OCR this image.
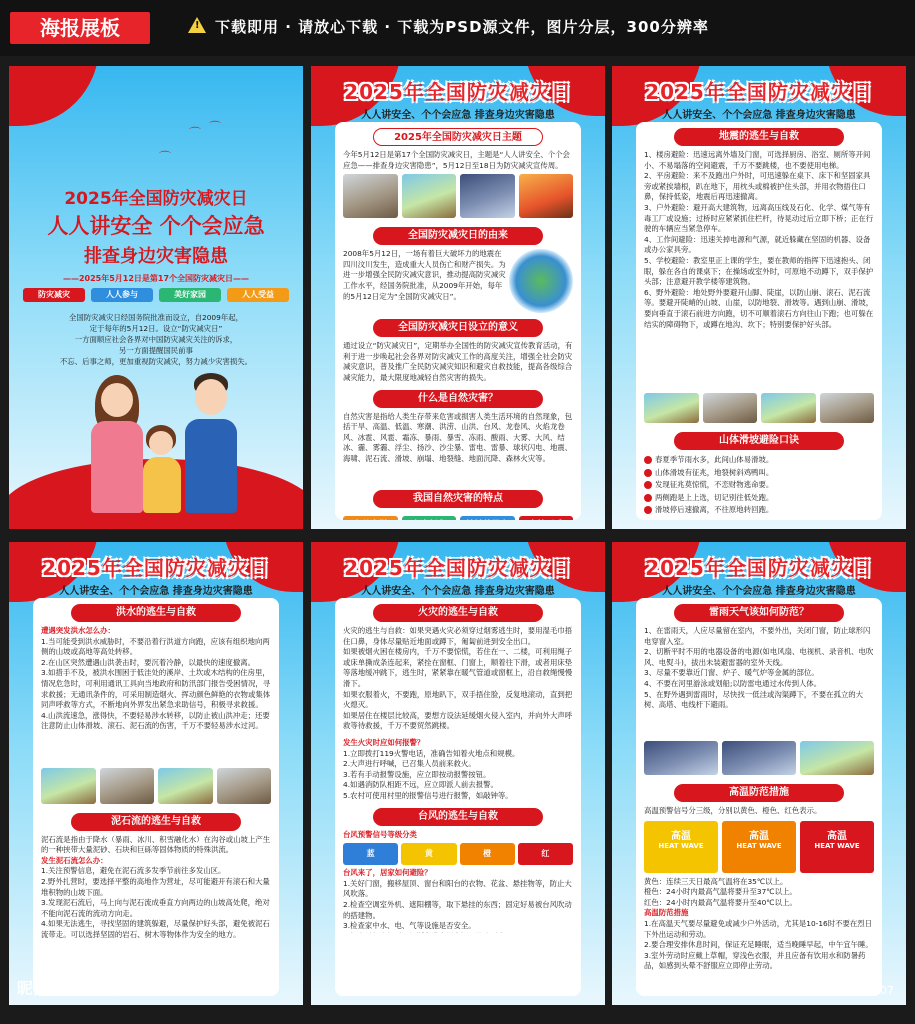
海报展板	! 下载即用 · 请放心下载 · 下载为PSD源文件，图片分层，300分辨率
⌒ ⌒
⌒
2025年全国防灾减灾日
人人讲安全 个个会应急
排查身边灾害隐患
——2025年5月12日是第17个全国防灾减灾日——
防灾减灾	人人参与	美好家园	人人受益
全国防灾减灾日经国务院批准而设立，自2009年起，
定于每年的5月12日。设立“防灾减灾日”
一方面顺应社会各界对中国防灾减灾关注的诉求，
另一方面提醒国民前事
不忘、后事之师，更加重视防灾减灾，努力减少灾害损失。
2025年全国防灾减灾日
人人讲安全、个个会应急 排查身边灾害隐患
2025年全国防灾减灾日主题
今年5月12日是第17个全国防灾减灾日，主题是“人人讲安全、个个会应急——排查身边灾害隐患”，5月12日至18日为防灾减灾宣传周。
全国防灾减灾日的由来
2008年5月12日，一场有着巨大破坏力的地震在四川汶川发生，造成重大人员伤亡和财产损失。为进一步增强全民防灾减灾意识，推动提高防灾减灾工作水平，经国务院批准，从2009年开始，每年的5月12日定为“全国防灾减灾日”。
全国防灾减灾日设立的意义
通过设立“防灾减灾日”，定期举办全国性的防灾减灾宣传教育活动，有利于进一步唤起社会各界对防灾减灾工作的高度关注，增强全社会防灾减灾意识，普及推广全民防灾减灾知识和避灾自救技能，提高各级综合减灾能力，最大限度地减轻自然灾害的损失。
什么是自然灾害？
自然灾害是指给人类生存带来危害或损害人类生活环境的自然现象，包括干旱、高温、低温、寒潮、洪涝、山洪、台风、龙卷风、火焰龙卷风、冰雹、风雹、霜冻、暴雨、暴雪、冻雨、酸雨、大雾、大风、结冰、霾、雾霾、浮尘、扬沙、沙尘暴、雷电、雷暴、球状闪电、地震、海啸、泥石流、滑坡、崩塌、地裂缝、地面沉降、森林火灾等。
我国自然灾害的特点
2025年全国防灾减灾日
人人讲安全、个个会应急 排查身边灾害隐患
地震的逃生与自救
1、楼房避险：迅速远离外墙及门窗，可选择厨房、浴室、厕所等开间小、不易塌落的空间避震，千万不要跳楼，也不要使用电梯。
2、平房避险：来不及跑出户外时，可迅速躲在桌下、床下和坚固家具旁或紧挨墙根，趴在地下，用枕头或棉被护住头部，并用衣物捂住口鼻，保持低姿，地震后再迅速撤离。
3、户外避险：避开高大建筑物，远离高压线及石化、化学、煤气等有毒工厂或设施；过桥时应紧紧抓住栏杆，待晃动过后立即下桥；正在行驶的车辆应当紧急停车。
4、工作间避险：迅速关掉电源和气源，就近躲藏在坚固的机器、设备或办公家具旁。
5、学校避险：教室里正上课的学生，要在教师的指挥下迅速抱头、闭眼，躲在各自的课桌下；在操场或室外时，可原地不动蹲下，双手保护头部；注意避开教学楼等建筑物。
6、野外避险：地处野外要避开山脚、陡崖，以防山崩、滚石、泥石流等。要避开陡峭的山坡、山崖，以防地裂、滑坡等。遇到山崩、滑坡，要向垂直于滚石前进方向跑，切不可顺着滚石方向往山下跑；也可躲在结实的障碍物下，或蹲在地沟、坎下；特别要保护好头部。
山体滑坡避险口诀
春夏季节雨水多，此间山体易滑坡。
山体滑坡有征兆，地裂树斜鸡鸭叫。
发现征兆莫惊慌，不恋财物逃命要。
两侧跑是上上选，切记别往低处跑。
滑坡停后速撤离，不往原地转回跑。
2025年全国防灾减灾日
人人讲安全、个个会应急 排查身边灾害隐患
洪水的逃生与自救
遭遇突发洪水怎么办：
1.当可能受到洪水威胁时，不要沿着行洪道方向跑，应该有组织地向两侧的山坡或高地等高处转移。
2.在山区突然遭遇山洪袭击时，要沉着冷静，以最快的速度撤离。
3.如措手不及，被洪水围困于低洼处的溪岸、土坎或木结构的住房里，情况危急时，可利用通讯工具向当地政府和防汛部门报告受困情况，寻求救援；无通讯条件的，可采用制造烟火、挥动颜色鲜艳的衣物或集体同声呼救等方式，不断地向外界发出紧急求助信号，积极寻求救援。
4.山洪流速急，涨得快，不要轻易涉水转移，以防止被山洪冲走；还要注意防止山体滑坡、滚石、泥石流的伤害，千万不要轻易涉水过河。
泥石流的逃生与自救
泥石流是指由于降水（暴雨、冰川、积雪融化水）在沟谷或山坡上产生的一种挟带大量泥砂、石块和巨砾等固体物质的特殊洪流。
发生泥石流怎么办：
1.关注预警信息，避免在泥石流多发季节前往多发山区。
2.野外扎营时，要选择平整的高地作为营址，尽可能避开有滚石和大量堆积物的山坡下面。
3.发现泥石流后，马上向与泥石流成垂直方向两边的山坡高处爬，绝对不能向泥石流的流动方向走。
4.如果无法逃生，寻找坚固的建筑躲避，尽量保护好头部，避免被泥石流带走。可以选择坚固的岩石、树木等物体作为安全的地方。
昵图网 www.nipic.com
2025年全国防灾减灾日
人人讲安全、个个会应急 排查身边灾害隐患
火灾的逃生与自救
火灾的逃生与自救：如果突遇火灾必须穿过烟雾逃生时，要用湿毛巾捂住口鼻，身体尽量贴近地面或蹲下，匍匐前进到安全出口。
如果被烟火困在楼房内，千万不要惊慌，若住在一、二楼，可利用绳子或床单撕成条连起来，紧拴在窗框、门窗上，顺着往下滑，或者用床垫等落地缓冲跳下，逃生时，紧紧靠在暖气管道或窗框上，沿自救绳慢慢滑下。
如果衣服着火，不要跑，原地趴下，双手捂住脸，反复地滚动，直到把火熄灭。
如果居住在楼层比较高，要想方设法延缓烟火侵入室内，并向外大声呼救等待救援，千万不要贸然跳楼。
发生火灾时应如何报警？
1.立即拨打119火警电话，准确告知着火地点和规模。
2.大声进行呼喊，已召集人员前来救火。
3.若有手动报警设施，应立即按动报警按钮。
4.如遇消防队相距不远，应立即派人前去报警。
5.农村可使用村里的报警信号进行报警，如敲钟等。
台风的逃生与自救
台风预警信号等级分类
蓝	黄	橙	红
台风来了，居家如何避险？
1.关好门窗，搬移屋顶、窗台和阳台的衣物、花盆、悬挂物等，防止大风吹落。
2.检查空调室外机、遮阳棚等，取下悬挂的东西；固定好易被台风吹动的搭建物。
3.检查家中水、电、气等设施是否安全。
2025年全国防灾减灾日
人人讲安全、个个会应急 排查身边灾害隐患
雷雨天气该如何防范？
1、在雷雨天，人应尽量留在室内，不要外出，关闭门窗，防止球形闪电穿窗入室。
2、切断平时不用的电器设备的电源(如电风扇、电视机、录音机、电吹风、电熨斗)，拔出未装避雷器的室外天线。
3、尽量不要靠近门窗、炉子、暖气炉等金属的部位。
4、不要在河里游泳或划船;以防雷电通过水传到人体。
5、在野外遇到雷雨时，尽快找一低洼或沟渠蹲下，不要在孤立的大树、高塔、电线杆下避雨。
高温防范措施
高温预警信号分三级，分别以黄色、橙色、红色表示。
高温
HEAT WAVE
高温
HEAT WAVE
高温
HEAT WAVE
黄色：连续三天日最高气温将在35℃以上。
橙色：24小时内最高气温将要升至37℃以上。
红色：24小时内最高气温将要升至40℃以上。
高温防范措施
1.在高温天气要尽量避免或减少户外活动，尤其是10-16时不要在烈日下外出运动和劳动。
2.要合理安排休息时间，保证充足睡眠，适当晚睡早起，中午宜午睡。
3.室外劳动时应戴上草帽，穿浅色衣服，并且应备有饮用水和防暑药品，如感到头晕不舒服应立即停止劳动。
ID:23061734 NO:20250506110101021107
